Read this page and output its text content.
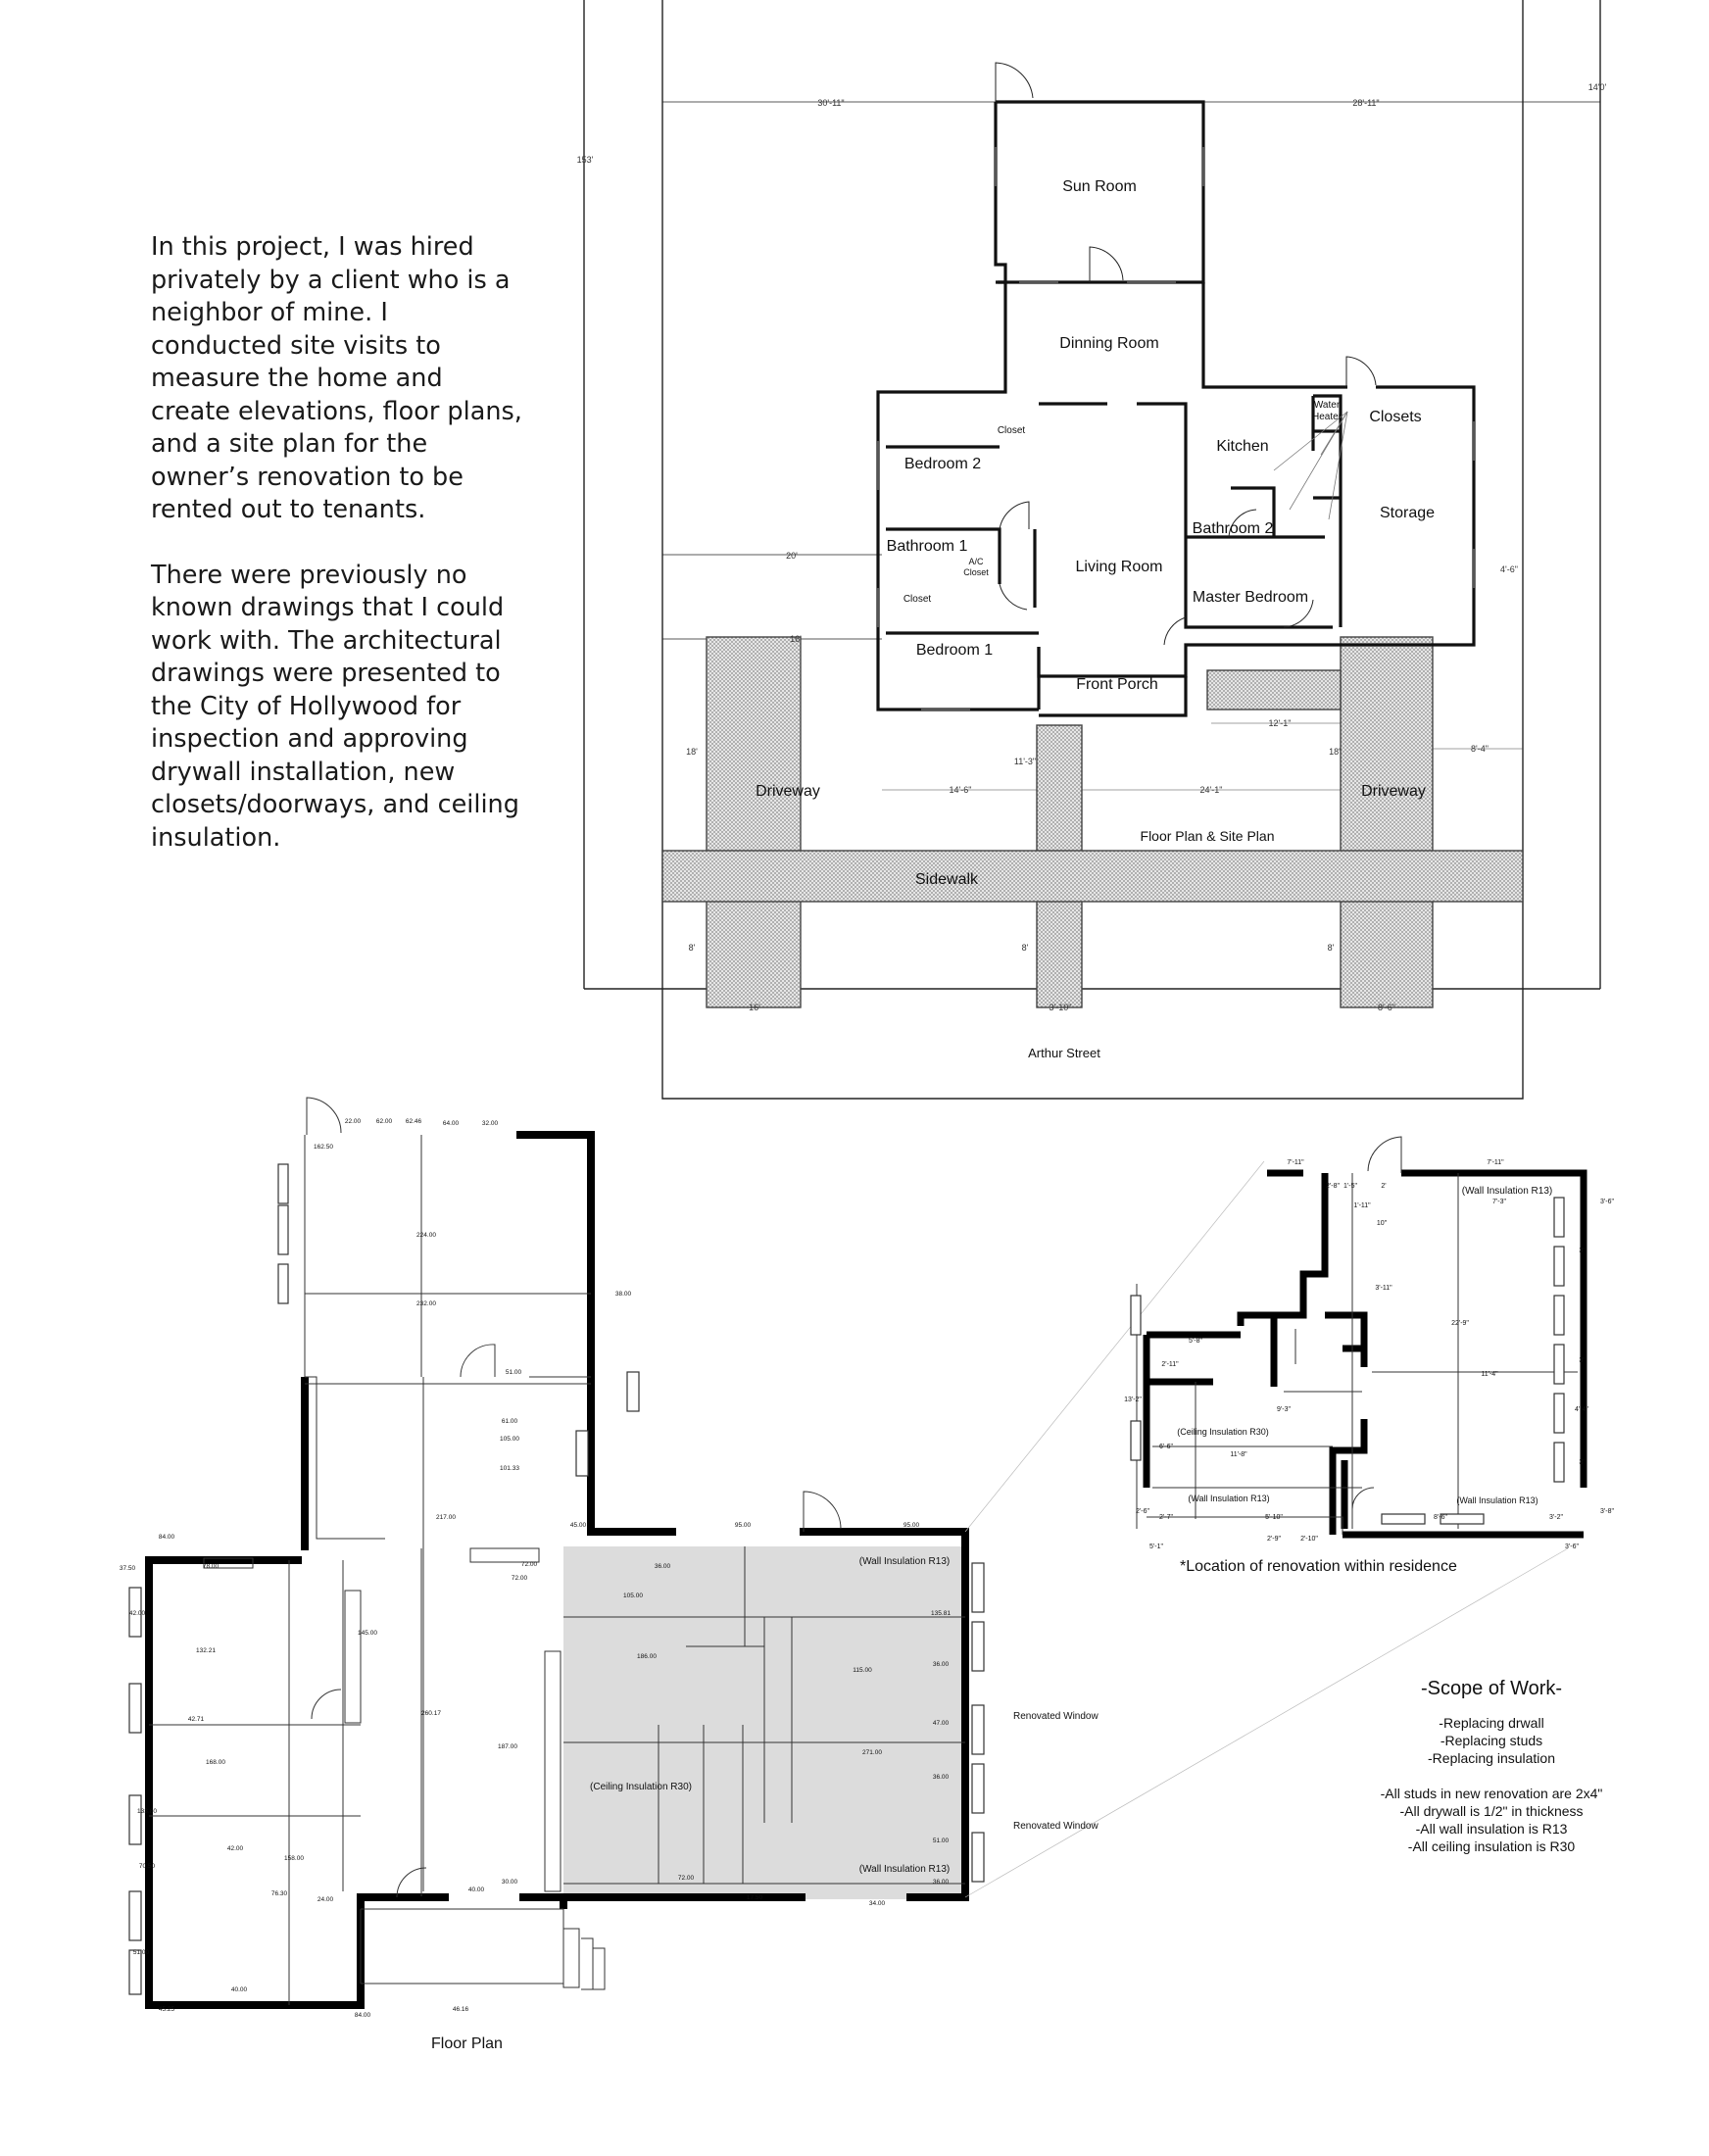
In this project, I was hired privately by a client who is a neighbor of mine. I conducted site visits to measure the home and create elevations, floor plans, and a site plan for the owner’s renovation to be rented out to tenants.

There were previously no known drawings that I could work with. The architectural drawings were presented to the City of Hollywood for inspection and approving drywall installation, new closets/doorways, and ceiling insulation.

Sun Room
Dinning Room
Kitchen
Water
Heater Closets
Storage
Bedroom 2
Closet
Bathroom 1
A/C
Closet
Closet
Bedroom 1
Living Room
Bathroom 2
Master Bedroom
Front Porch
Driveway	Driveway
Floor Plan & Site Plan
Sidewalk
Arthur Street
30'-11"	28'-11"
14'0'
153'
20'
16'
4'-6"
12'-1"
11'-3"
14'-6"	24'-1"
8'-4"
18'	18'
16'	3'-10"	8'-6"
8'	8'	8'
(Wall Insulation R13)
(Wall Insulation R13)
(Ceiling Insulation R30)
Renovated Window
Renovated Window
22.00 62.00 62.46	64.00	32.00
162.50
224.00
232.00
38.00
51.00
61.00
105.00
101.33
217.00
45.00	95.00	95.00
84.00
78.00	72.00
72.00
36.00
37.50
42.00
132.21
145.00
260.17
187.00
186.00
105.00
115.00
271.00
135.81
36.00
47.00
36.00
51.00
36.00
42.00
158.00
133.80
76.30
24.00
30.00
72.00
17.50
34.00
45.25
84.00
46.16
168.00
42.71
70.50
51.00
40.00
40.00
(Wall Insulation R13)
(Ceiling Insulation R30)
(Wall Insulation R13)	(Wall Insulation R13)
7'-11"	7'-11"
2'-8" 1'-5"	2'
7'-3"	3'-6"
1'-11"
10"
3'
3'-11"
22'-9"
11'-4"
3'
4'-4"
3'
3'-8"
13'-2"
5'-8"
2'-11"
9'-3"
11'-8"
6'-6"
5'-10"	8'-6"	3'-2"
2'-7"
2'-9"	2'-10"
5'-1"	3'-6"
2'-6"
*Location of renovation within residence
Floor Plan
-Scope of Work-
-Replacing drwall
-Replacing studs
-Replacing insulation
-All studs in new renovation are 2x4"
-All drywall is 1/2" in thickness
-All wall insulation is R13
-All ceiling insulation is R30
